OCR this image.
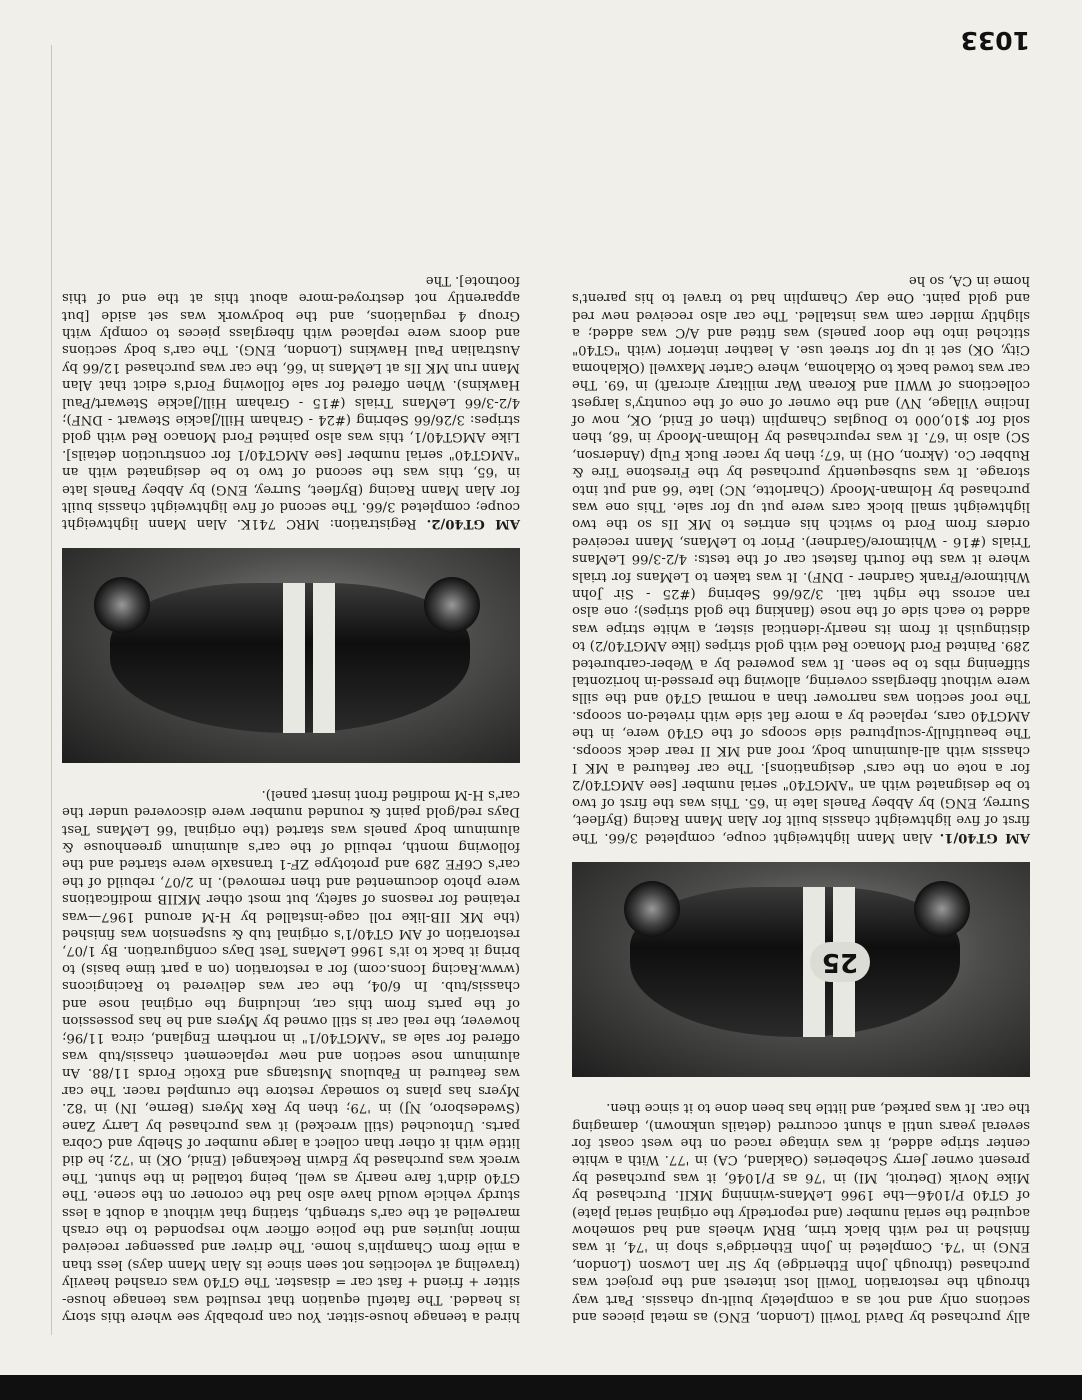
ally purchased by David Towill (London, ENG) as metal pieces and sections only and not as a completely built-up chassis. Part way through the restoration Towill lost interest and the project was purchased (through John Etheridge) by Sir Ian Lowson (London, ENG) in '74. Completed in John Etheridge's shop in '74, it was finished in red with black trim, BRM wheels and had somehow acquired the serial number (and reportedly the original serial plate) of GT40 P/1046—the 1966 LeMans-winning MKII. Purchased by Mike Novik (Detroit, MI) in '76 as P/1046, it was purchased by present owner Jerry Scheberies (Oakland, CA) in '77. With a white center stripe added, it was vintage raced on the west coast for several years until a shunt occurred (details unknown), damaging the car. It was parked, and little has been done to it since then.

25

AM GT40/1. Alan Mann lightweight coupe, completed 3/66. The first of five lightweight chassis built for Alan Mann Racing (Byfleet, Surrey, ENG) by Abbey Panels late in '65. This was the first of two to be designated with an "AMGT40" serial number [see AMGT40/2 for a note on the cars' designations]. The car featured a MK I chassis with all-aluminum body, roof and MK II rear deck scoops. The beautifully-sculptured side scoops of the GT40 were, in the AMGT40 cars, replaced by a more flat side with riveted-on scoops. The roof section was narrower than a normal GT40 and the sills were without fiberglass covering, allowing the pressed-in horizontal stiffening ribs to be seen. It was powered by a Weber-carbureted 289. Painted Ford Monaco Red with gold stripes (like AMGT40/2) to distinguish it from its nearly-identical sister, a white stripe was added to each side of the nose (flanking the gold stripes); one also ran across the right tail. 3/26/66 Sebring (#25 - Sir John Whitmore/Frank Gardner - DNF). It was taken to LeMans for trials where it was the fourth fastest car of the tests: 4/2-3/66 LeMans Trials (#16 - Whitmore/Gardner). Prior to LeMans, Mann received orders from Ford to switch his entries to MK IIs so the two lightweight small block cars were put up for sale. This one was purchased by Holman-Moody (Charlotte, NC) late '66 and put into storage. It was subsequently purchased by the Firestone Tire & Rubber Co. (Akron, OH) in '67; then by racer Buck Fulp (Anderson, SC) also in '67. It was repurchased by Holman-Moody in '68, then sold for $10,000 to Douglas Champlin (then of Enid, OK, now of Incline Village, NV) and the owner of one of the country's largest collections of WWII and Korean War military aircraft) in '69. The car was towed back to Oklahoma, where Carter Maxwell (Oklahoma City, OK) set it up for street use. A leather interior (with "GT40" stitched into the door panels) was fitted and A/C was added; a slightly milder cam was installed. The car also received new red and gold paint. One day Champlin had to travel to his parent's home in CA, so he

hired a teenage house-sitter. You can probably see where this story is headed. The fateful equation that resulted was teenage house-sitter + friend + fast car = disaster. The GT40 was crashed heavily (traveling at velocities not seen since its Alan Mann days) less than a mile from Champlin's home. The driver and passenger received minor injuries and the police officer who responded to the crash marvelled at the car's strength, stating that without a doubt a less sturdy vehicle would have also had the coroner on the scene. The GT40 didn't fare nearly as well, being totalled in the shunt. The wreck was purchased by Edwin Reckangel (Enid, OK) in '72; he did little with it other than collect a large number of Shelby and Cobra parts. Untouched (still wrecked) it was purchased by Larry Zane (Swedesboro, NJ) in '79; then by Rex Myers (Berne, IN) in '82. Myers has plans to someday restore the crumpled racer. The car was featured in Fabulous Mustangs and Exotic Fords 11/88. An aluminum nose section and new replacement chassis/tub was offered for sale as "AMGT40/1" in northern England, circa 11/96; however, the real car is still owned by Myers and he has possession of the parts from this car, including the original nose and chassis/tub. In 6/04, the car was delivered to Racingicons (www.Racing Icons.com) for a restoration (on a part time basis) to bring it back to it's 1966 LeMans Test Days configuration. By 1/07, restoration of AM GT40/1's original tub & suspension was finished (the MK IIB-like roll cage-installed by H-M around 1967—was retained for reasons of safety, but most other MKIIB modifications were photo documented and then removed). In 2/07, rebuild of the car's C6FE 289 and prototype ZF-1 transaxle were started and the following month, rebuild of the car's aluminum greenhouse & aluminum body panels was started (the original '66 LeMans Test Days red/gold paint & rounded number were discovered under the car's H-M modified front insert panel).

AM GT40/2. Registration: MRC 741K. Alan Mann lightweight coupe; completed 3/66. The second of five lightweight chassis built for Alan Mann Racing (Byfleet, Surrey, ENG) by Abbey Panels late in '65, this was the second of two to be designated with an "AMGT40" serial number [see AMGT40/1 for construction details]. Like AMGT40/1, this was also painted Ford Monaco Red with gold stripes: 3/26/66 Sebring (#24 - Graham Hill/Jackie Stewart - DNF); 4/2-3/66 LeMans Trials (#15 - Graham Hill/Jackie Stewart/Paul Hawkins). When offered for sale following Ford's edict that Alan Mann run MK IIs at LeMans in '66, the car was purchased 12/66 by Australian Paul Hawkins (London, ENG). The car's body sections and doors were replaced with fiberglass pieces to comply with Group 4 regulations, and the bodywork was set aside [but apparently not destroyed-more about this at the end of this footnote]. The

1033
